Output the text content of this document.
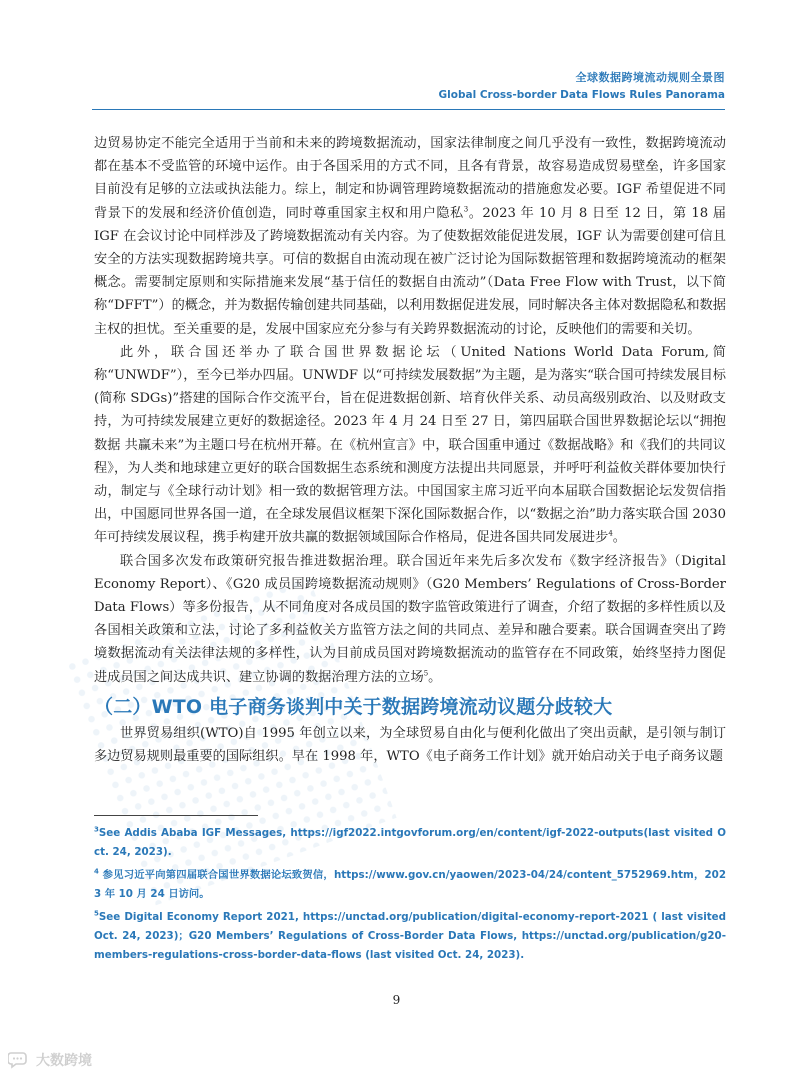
全球数据跨境流动规则全景图
Global Cross-border Data Flows Rules Panorama

边贸易协定不能完全适用于当前和未来的跨境数据流动，国家法律制度之间几乎没有一致性，数据跨境流动都在基本不受监管的环境中运作。由于各国采用的方式不同，且各有背景，故容易造成贸易壁垒，许多国家目前没有足够的立法或执法能力。综上，制定和协调管理跨境数据流动的措施愈发必要。IGF 希望促进不同背景下的发展和经济价值创造，同时尊重国家主权和用户隐私$^3$。2023 年 10 月 8 日至 12 日，第 18 届 IGF 在会议讨论中同样涉及了跨境数据流动有关内容。为了使数据效能促进发展，IGF 认为需要创建可信且安全的方法实现数据跨境共享。可信的数据自由流动现在被广泛讨论为国际数据管理和数据跨境流动的框架概念。需要制定原则和实际措施来发展“基于信任的数据自由流动”（Data Free Flow with Trust，以下简称“DFFT”）的概念，并为数据传输创建共同基础，以利用数据促进发展，同时解决各主体对数据隐私和数据主权的担忧。至关重要的是，发展中国家应充分参与有关跨界数据流动的讨论，反映他们的需要和关切。

此外，联合国还举办了联合国世界数据论坛（United Nations World Data Forum,简称“UNWDF”），至今已举办四届。UNWDF 以“可持续发展数据”为主题，是为落实“联合国可持续发展目标(简称 SDGs)”搭建的国际合作交流平台，旨在促进数据创新、培育伙伴关系、动员高级别政治、以及财政支持，为可持续发展建立更好的数据途径。2023 年 4 月 24 日至 27 日，第四届联合国世界数据论坛以“拥抱数据 共赢未来”为主题口号在杭州开幕。在《杭州宣言》中，联合国重申通过《数据战略》和《我们的共同议程》，为人类和地球建立更好的联合国数据生态系统和测度方法提出共同愿景，并呼吁利益攸关群体要加快行动，制定与《全球行动计划》相一致的数据管理方法。中国国家主席习近平向本届联合国数据论坛发贺信指出，中国愿同世界各国一道，在全球发展倡议框架下深化国际数据合作，以“数据之治”助力落实联合国 2030 年可持续发展议程，携手构建开放共赢的数据领域国际合作格局，促进各国共同发展进步$^4$。

联合国多次发布政策研究报告推进数据治理。联合国近年来先后多次发布《数字经济报告》（Digital Economy Report）、《G20 成员国跨境数据流动规则》（G20 Members’ Regulations of Cross-Border Data Flows）等多份报告，从不同角度对各成员国的数字监管政策进行了调查，介绍了数据的多样性质以及各国相关政策和立法，讨论了多利益攸关方监管方法之间的共同点、差异和融合要素。联合国调查突出了跨境数据流动有关法律法规的多样性，认为目前成员国对跨境数据流动的监管存在不同政策，始终坚持力图促进成员国之间达成共识、建立协调的数据治理方法的立场$^5$。

（二）WTO 电子商务谈判中关于数据跨境流动议题分歧较大

世界贸易组织(WTO)自 1995 年创立以来，为全球贸易自由化与便利化做出了突出贡献，是引领与制订多边贸易规则最重要的国际组织。早在 1998 年，WTO《电子商务工作计划》就开始启动关于电子商务议题

$^3$See Addis Ababa IGF Messages, https://igf2022.intgovforum.org/en/content/igf-2022-outputs(last visited Oct. 24, 2023).

$^4$ 参见习近平向第四届联合国世界数据论坛致贺信，https://www.gov.cn/yaowen/2023-04/24/content_5752969.htm，2023 年 10 月 24 日访问。

$^5$See Digital Economy Report 2021, https://unctad.org/publication/digital-economy-report-2021 ( last visited Oct. 24, 2023)；G20 Members’ Regulations of Cross-Border Data Flows, https://unctad.org/publication/g20-members-regulations-cross-border-data-flows (last visited Oct. 24, 2023).

9
大数跨境
